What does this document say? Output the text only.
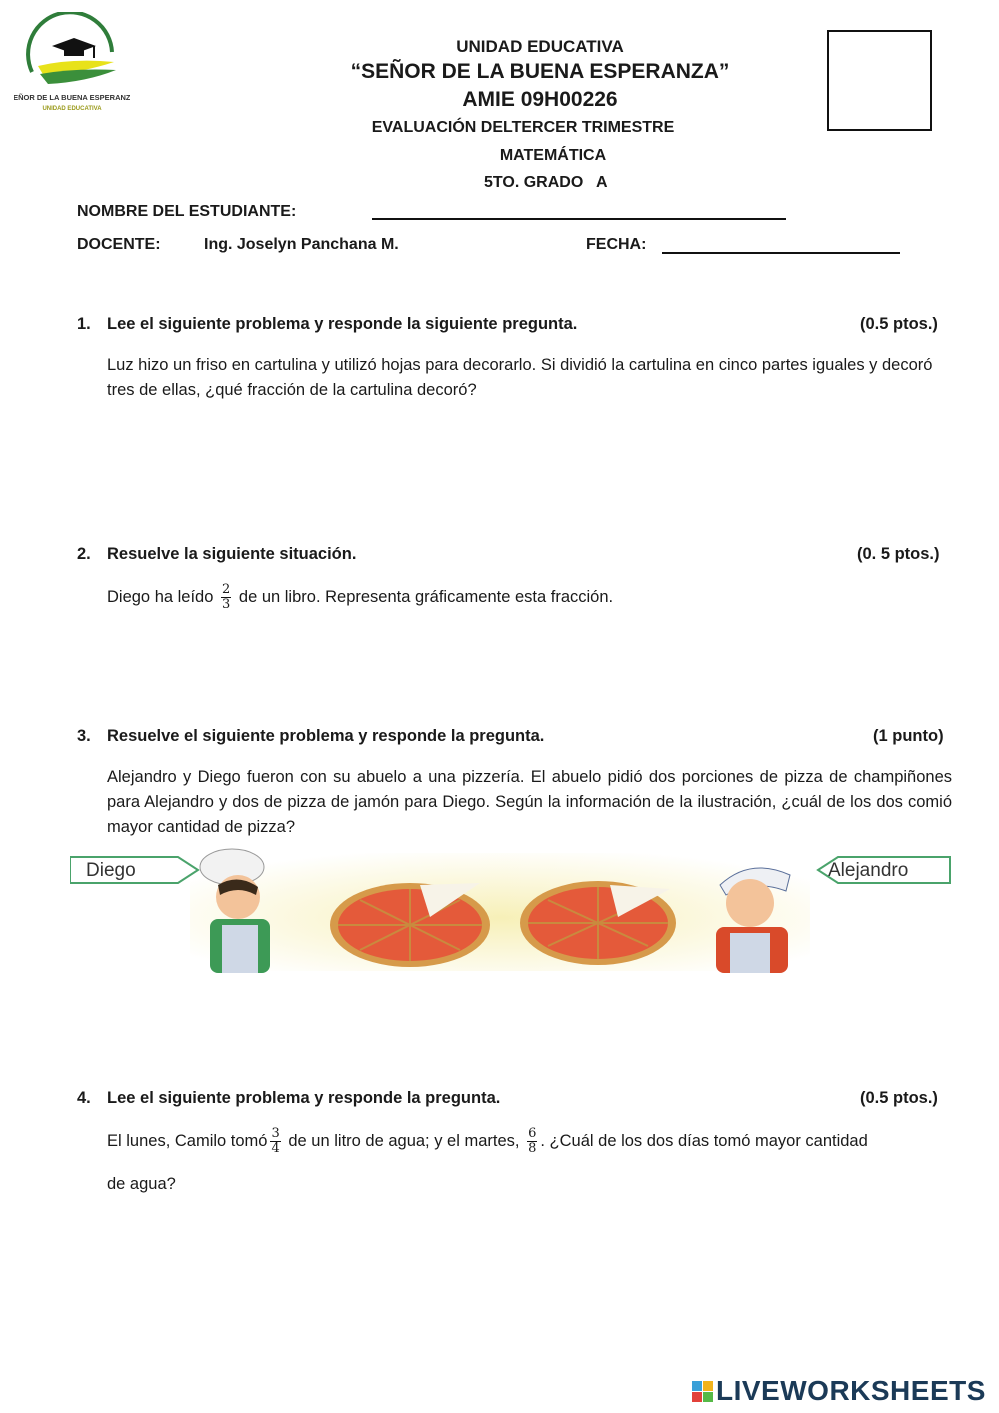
SEÑOR DE LA BUENA ESPERANZA
UNIDAD EDUCATIVA
UNIDAD EDUCATIVA
“SEÑOR DE LA BUENA ESPERANZA”
AMIE 09H00226
EVALUACIÓN DELTERCER TRIMESTRE
MATEMÁTICA
5TO. GRADO   A
NOMBRE DEL ESTUDIANTE:
DOCENTE:	Ing. Joselyn Panchana M.	FECHA:
1. Lee el siguiente problema y responde la siguiente pregunta.	(0.5 ptos.)
Luz hizo un friso en cartulina y utilizó hojas para decorarlo. Si dividió la cartulina en cinco partes iguales y decoró tres de ellas, ¿qué fracción de la cartulina decoró?
2. Resuelve la siguiente situación.	(0. 5 ptos.)
Diego ha leído $\frac{2}{3}$ de un libro. Representa gráficamente esta fracción.
3. Resuelve el siguiente problema y responde la pregunta.	(1 punto)
Alejandro y Diego fueron con su abuelo a una pizzería. El abuelo pidió dos porciones de pizza de champiñones para Alejandro y dos de pizza de jamón para Diego. Según la información de la ilustración, ¿cuál de los dos comió mayor cantidad de pizza?
Diego	Alejandro
4. Lee el siguiente problema y responde la pregunta.	(0.5 ptos.)
El lunes, Camilo tomó $\frac{3}{4}$ de un litro de agua; y el martes, $\frac{6}{8}$ . ¿Cuál de los dos días tomó mayor cantidad
de agua?
LIVEWORKSHEETS
